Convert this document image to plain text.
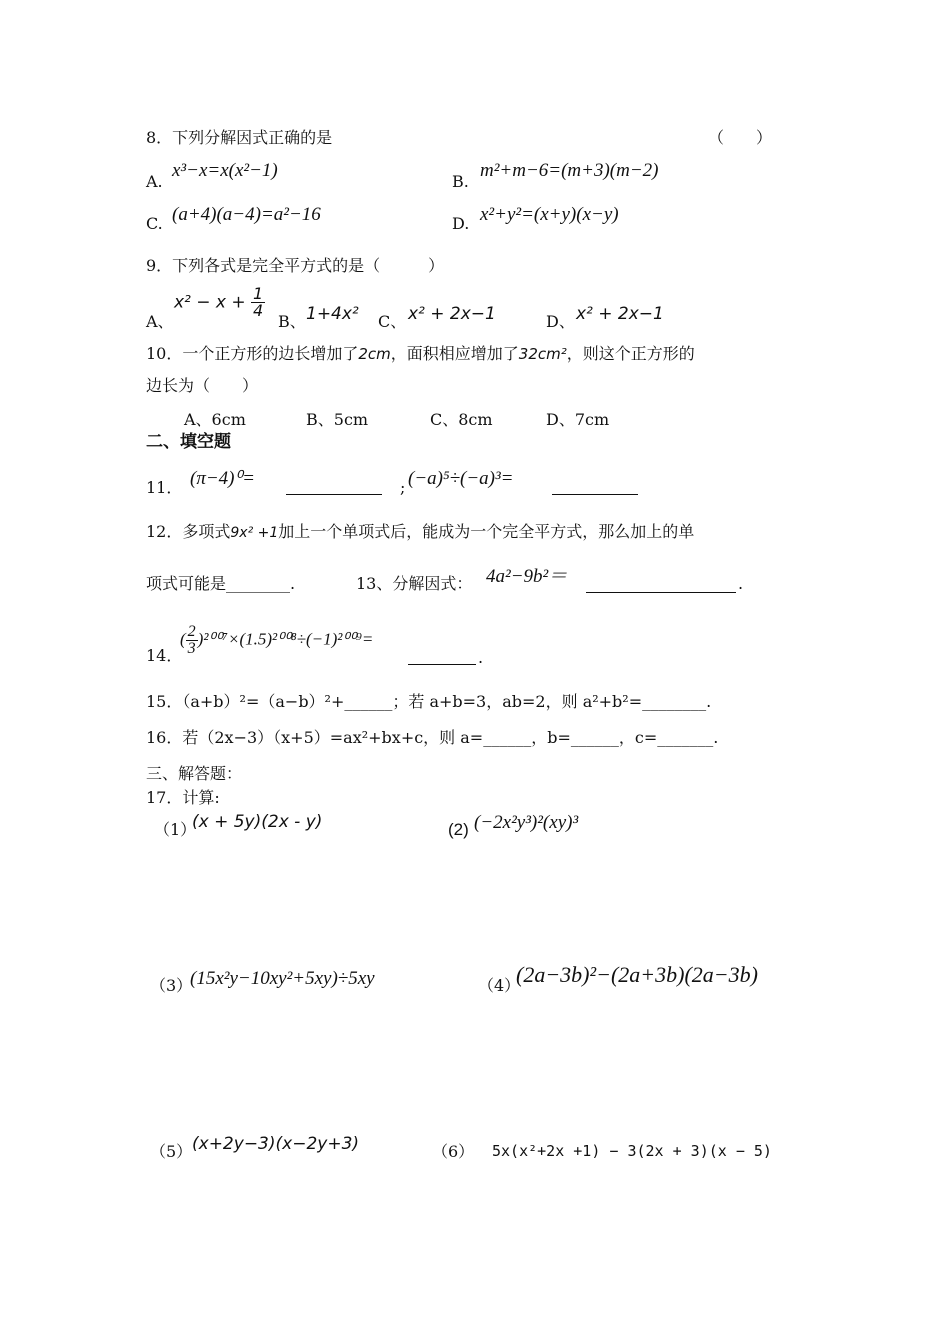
8．下列分解因式正确的是	（　　）
A.
x³−x=x(x²−1)
B.
m²+m−6=(m+3)(m−2)
C. (a+4)(a−4)=a²−16	D. x²+y²=(x+y)(x−y)
9．下列各式是完全平方式的是（　　　）
A、
$x^2 - x + \frac{1}{4}$
B、 1+4x² C、 x² + 2x−1	D、 x² + 2x−1
10．一个正方形的边长增加了2cm，面积相应增加了32cm²，则这个正方形的
边长为（　　）
A、6cm	B、5cm	C、8cm	D、7cm
二、填空题
11． (π−4)⁰=	; (−a)⁵÷(−a)³=
12．多项式9x² +1加上一个单项式后，能成为一个完全平方式，那么加上的单
项式可能是________.	13、分解因式： 4a²−9b²＝	.
14．
( $\frac{2}{3} )^{2007}\times(1.5)^{2008}\div(-1)^{2009}=$
.
15．（a+b）²=（a−b）²+______；若 a+b=3，ab=2，则 a²+b²=________.
16．若（2x−3）（x+5）=ax²+bx+c，则 a=______，b=______，c=_______.
三、解答题：
17．计算:
（1）
(x + 5y)(2x - y)	(2) (−2x²y³)²(xy)³
（3）
(15x²y−10xy²+5xy)÷5xy	（4）
(2a−3b)²−(2a+3b)(2a−3b)
（5） (x+2y−3)(x−2y+3)	（6） 5x(x²+2x +1) − 3(2x + 3)(x − 5)
